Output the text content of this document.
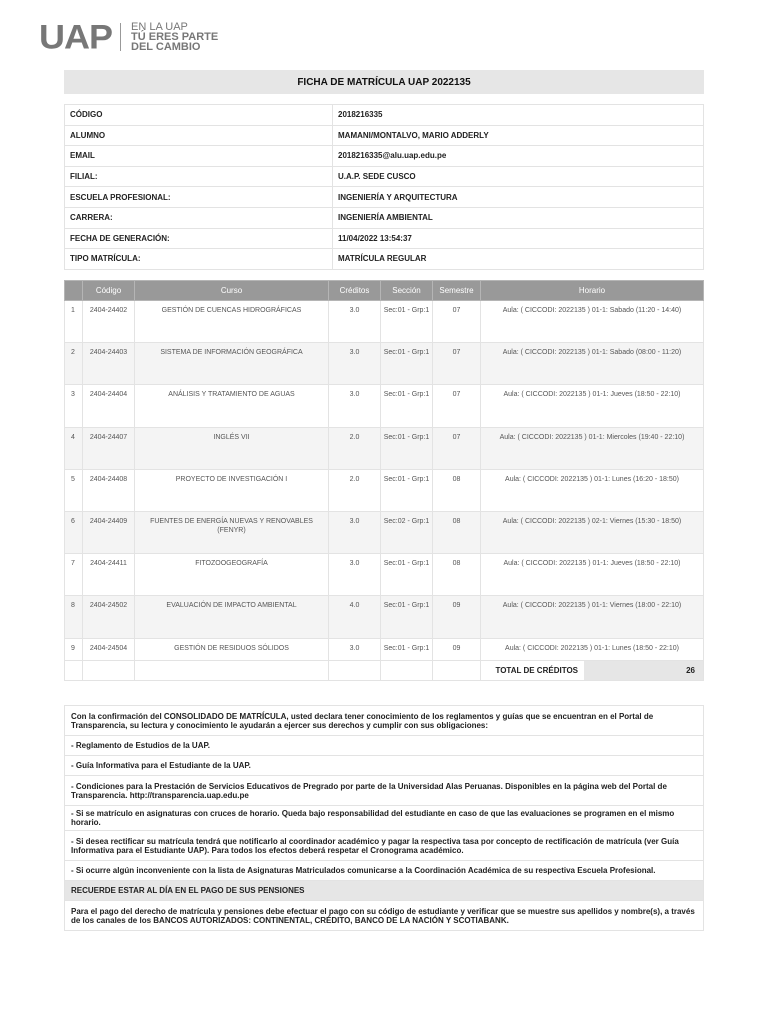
UAP EN LA UAP
TÚ ERES PARTE
DEL CAMBIO
FICHA DE MATRÍCULA UAP 2022135
CÓDIGO	2018216335
ALUMNO	MAMANI/MONTALVO, MARIO ADDERLY
EMAIL	2018216335@alu.uap.edu.pe
FILIAL:	U.A.P. SEDE CUSCO
ESCUELA PROFESIONAL:	INGENIERÍA Y ARQUITECTURA
CARRERA:	INGENIERÍA AMBIENTAL
FECHA DE GENERACIÓN:	11/04/2022 13:54:37
TIPO MATRÍCULA:	MATRÍCULA REGULAR
	Código	Curso	Créditos	Sección	Semestre	Horario
1	2404-24402	GESTIÓN DE CUENCAS HIDROGRÁFICAS	3.0	Sec:01 - Grp:1	07	Aula: ( CICCODI: 2022135 ) 01-1: Sabado (11:20 - 14:40)
2	2404-24403	SISTEMA DE INFORMACIÓN GEOGRÁFICA	3.0	Sec:01 - Grp:1	07	Aula: ( CICCODI: 2022135 ) 01-1: Sabado (08:00 - 11:20)
3	2404-24404	ANÁLISIS Y TRATAMIENTO DE AGUAS	3.0	Sec:01 - Grp:1	07	Aula: ( CICCODI: 2022135 ) 01-1: Jueves (18:50 - 22:10)
4	2404-24407	INGLÉS VII	2.0	Sec:01 - Grp:1	07	Aula: ( CICCODI: 2022135 ) 01-1: Miercoles (19:40 - 22:10)
5	2404-24408	PROYECTO DE INVESTIGACIÓN I	2.0	Sec:01 - Grp:1	08	Aula: ( CICCODI: 2022135 ) 01-1: Lunes (16:20 - 18:50)
6	2404-24409	FUENTES DE ENERGÍA NUEVAS Y RENOVABLES (FENYR)	3.0	Sec:02 - Grp:1	08	Aula: ( CICCODI: 2022135 ) 02-1: Viernes (15:30 - 18:50)
7	2404-24411	FITOZOOGEOGRAFÍA	3.0	Sec:01 - Grp:1	08	Aula: ( CICCODI: 2022135 ) 01-1: Jueves (18:50 - 22:10)
8	2404-24502	EVALUACIÓN DE IMPACTO AMBIENTAL	4.0	Sec:01 - Grp:1	09	Aula: ( CICCODI: 2022135 ) 01-1: Viernes (18:00 - 22:10)
9	2404-24504	GESTIÓN DE RESIDUOS SÓLIDOS	3.0	Sec:01 - Grp:1	09	Aula: ( CICCODI: 2022135 ) 01-1: Lunes (18:50 - 22:10)
TOTAL DE CRÉDITOS	26
Con la confirmación del CONSOLIDADO DE MATRÍCULA, usted declara tener conocimiento de los reglamentos y guías que se encuentran en el Portal de Transparencia, su lectura y conocimiento le ayudarán a ejercer sus derechos y cumplir con sus obligaciones:
- Reglamento de Estudios de la UAP.
- Guía Informativa para el Estudiante de la UAP.
- Condiciones para la Prestación de Servicios Educativos de Pregrado por parte de la Universidad Alas Peruanas. Disponibles en la página web del Portal de Transparencia. http://transparencia.uap.edu.pe
- Si se matrículo en asignaturas con cruces de horario. Queda bajo responsabilidad del estudiante en caso de que las evaluaciones se programen en el mismo horario.
- Si desea rectificar su matrícula tendrá que notificarlo al coordinador académico y pagar la respectiva tasa por concepto de rectificación de matrícula (ver Guía Informativa para el Estudiante UAP). Para todos los efectos deberá respetar el Cronograma académico.
- Si ocurre algún inconveniente con la lista de Asignaturas Matriculados comunicarse a la Coordinación Académica de su respectiva Escuela Profesional.
RECUERDE ESTAR AL DÍA EN EL PAGO DE SUS PENSIONES
Para el pago del derecho de matrícula y pensiones debe efectuar el pago con su código de estudiante y verificar que se muestre sus apellidos y nombre(s), a través de los canales de los BANCOS AUTORIZADOS: CONTINENTAL, CRÉDITO, BANCO DE LA NACIÓN Y SCOTIABANK.
